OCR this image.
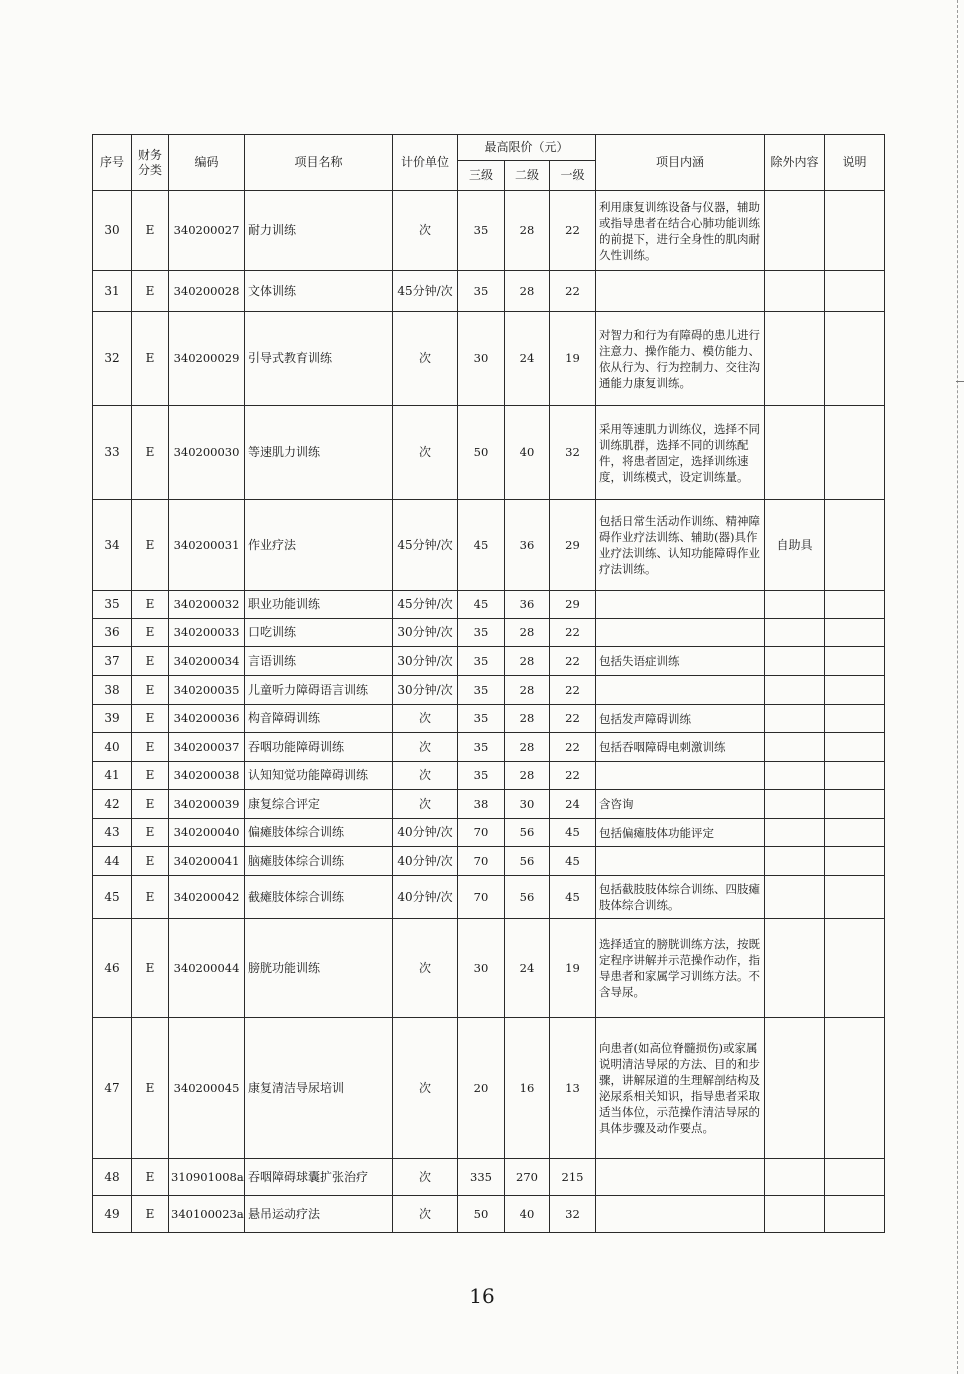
序号	财务分类	编码	项目名称	计价单位	最高限价（元）			项目内涵	除外内容	说明
					三级	二级	一级			
30	E	340200027	耐力训练	次	35	28	22	利用康复训练设备与仪器，辅助或指导患者在结合心肺功能训练的前提下，进行全身性的肌肉耐久性训练。		
31	E	340200028	文体训练	45分钟/次	35	28	22			
32	E	340200029	引导式教育训练	次	30	24	19	对智力和行为有障碍的患儿进行注意力、操作能力、模仿能力、依从行为、行为控制力、交往沟通能力康复训练。		
33	E	340200030	等速肌力训练	次	50	40	32	采用等速肌力训练仪，选择不同训练肌群，选择不同的训练配件，将患者固定，选择训练速度，训练模式，设定训练量。		
34	E	340200031	作业疗法	45分钟/次	45	36	29	包括日常生活动作训练、精神障碍作业疗法训练、辅助(器)具作业疗法训练、认知功能障碍作业疗法训练。	自助具	
35	E	340200032	职业功能训练	45分钟/次	45	36	29			
36	E	340200033	口吃训练	30分钟/次	35	28	22			
37	E	340200034	言语训练	30分钟/次	35	28	22	包括失语症训练		
38	E	340200035	儿童听力障碍语言训练	30分钟/次	35	28	22			
39	E	340200036	构音障碍训练	次	35	28	22	包括发声障碍训练		
40	E	340200037	吞咽功能障碍训练	次	35	28	22	包括吞咽障碍电刺激训练		
41	E	340200038	认知知觉功能障碍训练	次	35	28	22			
42	E	340200039	康复综合评定	次	38	30	24	含咨询		
43	E	340200040	偏瘫肢体综合训练	40分钟/次	70	56	45	包括偏瘫肢体功能评定		
44	E	340200041	脑瘫肢体综合训练	40分钟/次	70	56	45			
45	E	340200042	截瘫肢体综合训练	40分钟/次	70	56	45	包括截肢肢体综合训练、四肢瘫肢体综合训练。		
46	E	340200044	膀胱功能训练	次	30	24	19	选择适宜的膀胱训练方法，按既定程序讲解并示范操作动作，指导患者和家属学习训练方法。不含导尿。		
47	E	340200045	康复清洁导尿培训	次	20	16	13	向患者(如高位脊髓损伤)或家属说明清洁导尿的方法、目的和步骤，讲解尿道的生理解剖结构及泌尿系相关知识，指导患者采取适当体位，示范操作清洁导尿的具体步骤及动作要点。		
48	E	310901008a	吞咽障碍球囊扩张治疗	次	335	270	215			
49	E	340100023a	悬吊运动疗法	次	50	40	32			
16
